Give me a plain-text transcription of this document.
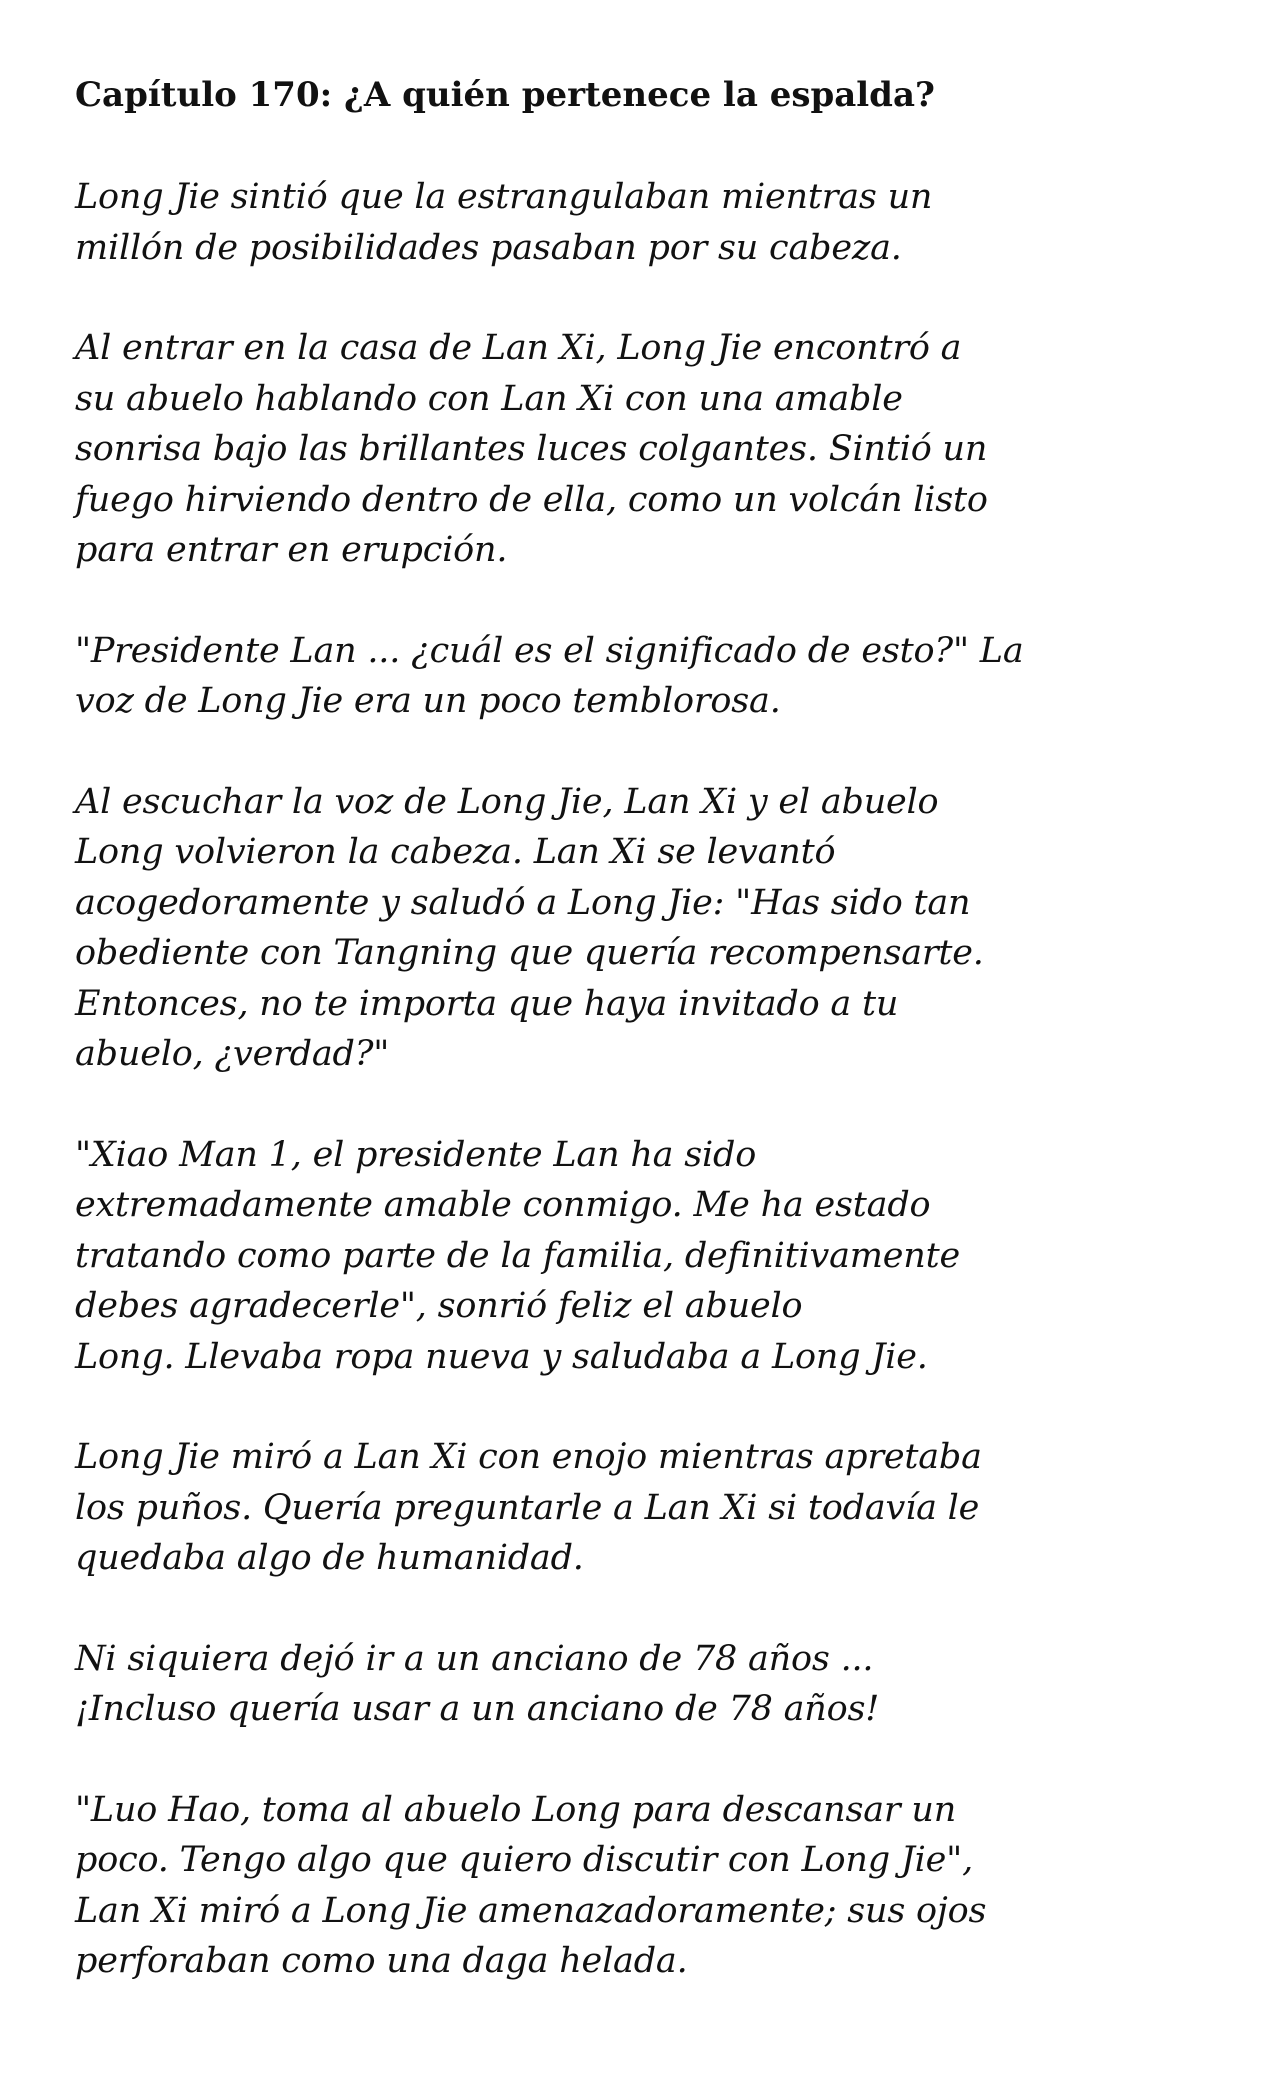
Capítulo 170: ¿A quién pertenece la espalda?

Long Jie sintió que la estrangulaban mientras un
millón de posibilidades pasaban por su cabeza.

Al entrar en la casa de Lan Xi, Long Jie encontró a
su abuelo hablando con Lan Xi con una amable
sonrisa bajo las brillantes luces colgantes. Sintió un
fuego hirviendo dentro de ella, como un volcán listo
para entrar en erupción.

"Presidente Lan ... ¿cuál es el significado de esto?" La
voz de Long Jie era un poco temblorosa.

Al escuchar la voz de Long Jie, Lan Xi y el abuelo
Long volvieron la cabeza. Lan Xi se levantó
acogedoramente y saludó a Long Jie: "Has sido tan
obediente con Tangning que quería recompensarte.
Entonces, no te importa que haya invitado a tu
abuelo, ¿verdad?"

"Xiao Man 1, el presidente Lan ha sido
extremadamente amable conmigo. Me ha estado
tratando como parte de la familia, definitivamente
debes agradecerle", sonrió feliz el abuelo
Long. Llevaba ropa nueva y saludaba a Long Jie.

Long Jie miró a Lan Xi con enojo mientras apretaba
los puños. Quería preguntarle a Lan Xi si todavía le
quedaba algo de humanidad.

Ni siquiera dejó ir a un anciano de 78 años ...
¡Incluso quería usar a un anciano de 78 años!

"Luo Hao, toma al abuelo Long para descansar un
poco. Tengo algo que quiero discutir con Long Jie",
Lan Xi miró a Long Jie amenazadoramente; sus ojos
perforaban como una daga helada.
